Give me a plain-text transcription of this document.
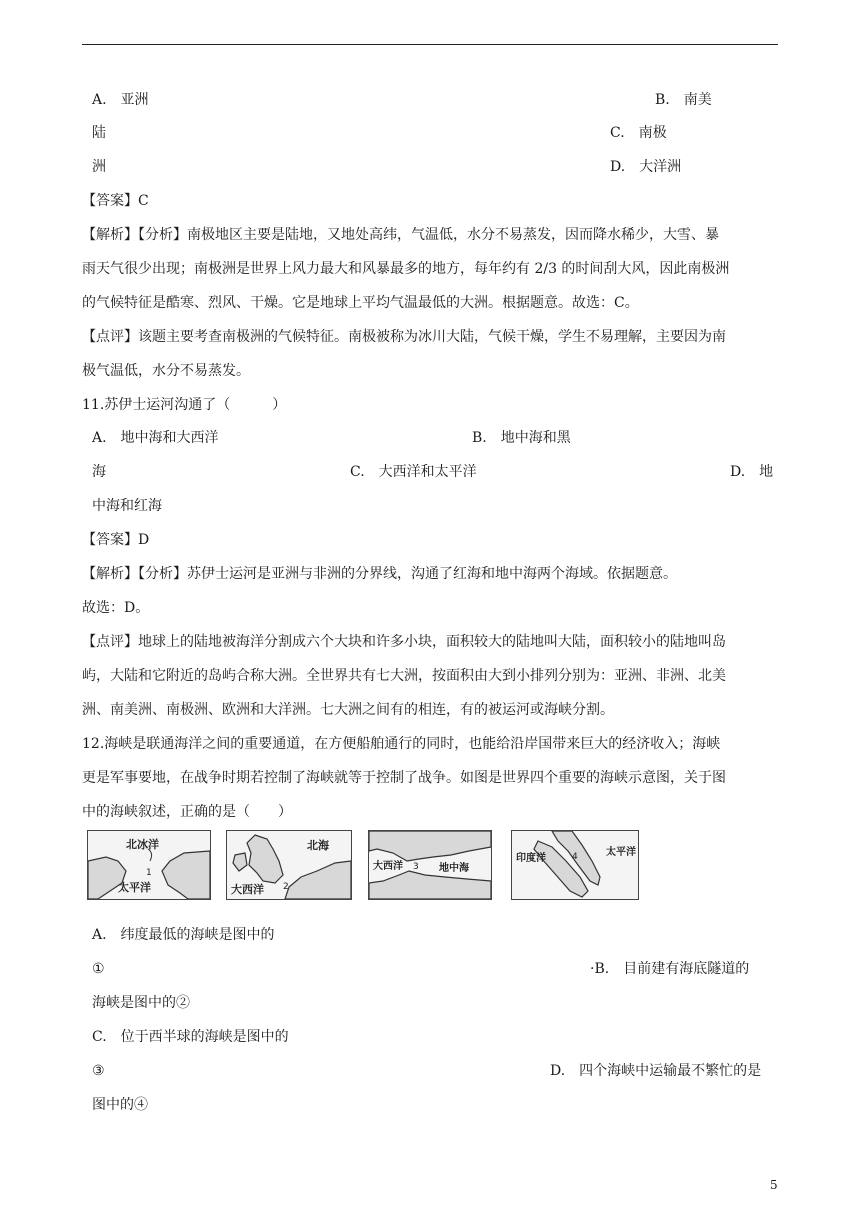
A.　亚洲	B.　南美
陆	C.　南极
洲	D.　大洋洲
【答案】C
【解析】【分析】南极地区主要是陆地，又地处高纬，气温低，水分不易蒸发，因而降水稀少，大雪、暴
雨天气很少出现；南极洲是世界上风力最大和风暴最多的地方，每年约有 2/3 的时间刮大风，因此南极洲
的气候特征是酷寒、烈风、干燥。它是地球上平均气温最低的大洲。根据题意。故选：C。
【点评】该题主要考查南极洲的气候特征。南极被称为冰川大陆，气候干燥，学生不易理解，主要因为南
极气温低，水分不易蒸发。
11.苏伊士运河沟通了（　　　）
A.　地中海和大西洋	B.　地中海和黑
海	C.　大西洋和太平洋	D.　地
中海和红海
【答案】D
【解析】【分析】苏伊士运河是亚洲与非洲的分界线，沟通了红海和地中海两个海域。依据题意。
故选：D。
【点评】地球上的陆地被海洋分割成六个大块和许多小块，面积较大的陆地叫大陆，面积较小的陆地叫岛
屿，大陆和它附近的岛屿合称大洲。全世界共有七大洲，按面积由大到小排列分别为：亚洲、非洲、北美
洲、南美洲、南极洲、欧洲和大洋洲。七大洲之间有的相连，有的被运河或海峡分割。
12.海峡是联通海洋之间的重要通道，在方便船舶通行的同时，也能给沿岸国带来巨大的经济收入；海峡
更是军事要地，在战争时期若控制了海峡就等于控制了战争。如图是世界四个重要的海峡示意图，关于图
中的海峡叙述，正确的是（　　）
A.　纬度最低的海峡是图中的
①	·B.　目前建有海底隧道的
海峡是图中的②
C.　位于西半球的海峡是图中的
③	D.　四个海峡中运输最不繁忙的是
图中的④
北冰洋
太平洋
1
北海
大西洋 2
大西洋	地中海
3
印度洋
太平洋
4
5
